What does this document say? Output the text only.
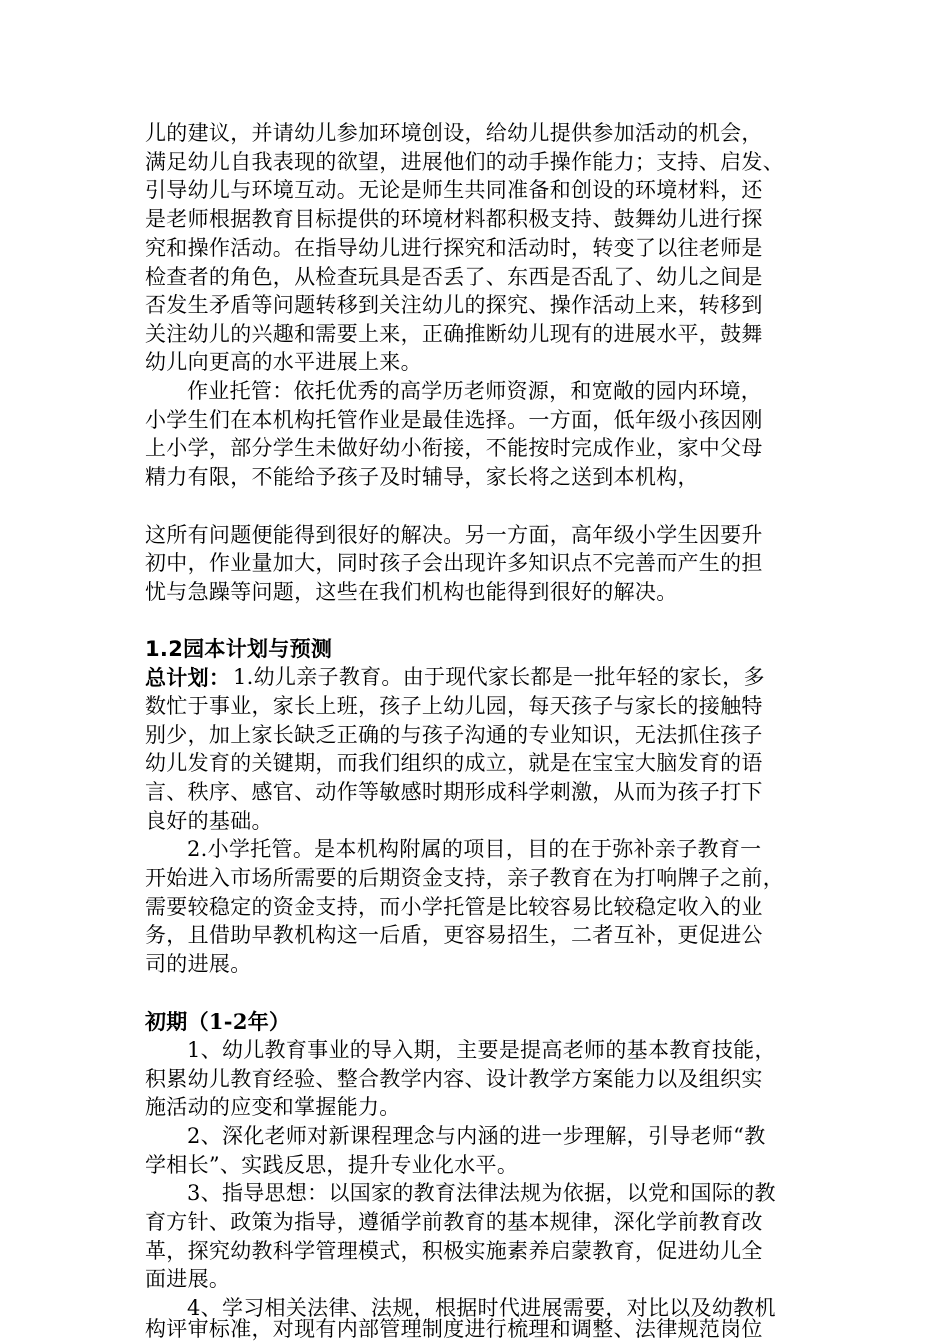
儿的建议，并请幼儿参加环境创设，给幼儿提供参加活动的机会，
满足幼儿自我表现的欲望，进展他们的动手操作能力；支持、启发、
引导幼儿与环境互动。无论是师生共同准备和创设的环境材料，还
是老师根据教育目标提供的环境材料都积极支持、鼓舞幼儿进行探
究和操作活动。在指导幼儿进行探究和活动时，转变了以往老师是
检查者的角色，从检查玩具是否丢了、东西是否乱了、幼儿之间是
否发生矛盾等问题转移到关注幼儿的探究、操作活动上来，转移到
关注幼儿的兴趣和需要上来，正确推断幼儿现有的进展水平，鼓舞
幼儿向更高的水平进展上来。
作业托管：依托优秀的高学历老师资源，和宽敞的园内环境，
小学生们在本机构托管作业是最佳选择。一方面，低年级小孩因刚
上小学，部分学生未做好幼小衔接，不能按时完成作业，家中父母
精力有限，不能给予孩子及时辅导，家长将之送到本机构，
这所有问题便能得到很好的解决。另一方面，高年级小学生因要升
初中，作业量加大，同时孩子会出现许多知识点不完善而产生的担
忧与急躁等问题，这些在我们机构也能得到很好的解决。
1.2园本计划与预测
总计划： 1.幼儿亲子教育。由于现代家长都是一批年轻的家长，多
数忙于事业，家长上班，孩子上幼儿园，每天孩子与家长的接触特
别少，加上家长缺乏正确的与孩子沟通的专业知识，无法抓住孩子
幼儿发育的关键期，而我们组织的成立，就是在宝宝大脑发育的语
言、秩序、感官、动作等敏感时期形成科学刺激，从而为孩子打下
良好的基础。
2.小学托管。是本机构附属的项目，目的在于弥补亲子教育一
开始进入市场所需要的后期资金支持，亲子教育在为打响牌子之前，
需要较稳定的资金支持，而小学托管是比较容易比较稳定收入的业
务，且借助早教机构这一后盾，更容易招生，二者互补，更促进公
司的进展。
初期（1-2年）
1、幼儿教育事业的导入期，主要是提高老师的基本教育技能，
积累幼儿教育经验、整合教学内容、设计教学方案能力以及组织实
施活动的应变和掌握能力。
2、深化老师对新课程理念与内涵的进一步理解，引导老师“教
学相长”、实践反思，提升专业化水平。
3、指导思想：以国家的教育法律法规为依据，以党和国际的教
育方针、政策为指导，遵循学前教育的基本规律，深化学前教育改
革，探究幼教科学管理模式，积极实施素养启蒙教育，促进幼儿全
面进展。
4、学习相关法律、法规，根据时代进展需要，对比以及幼教机
构评审标准，对现有内部管理制度进行梳理和调整、法律规范岗位
